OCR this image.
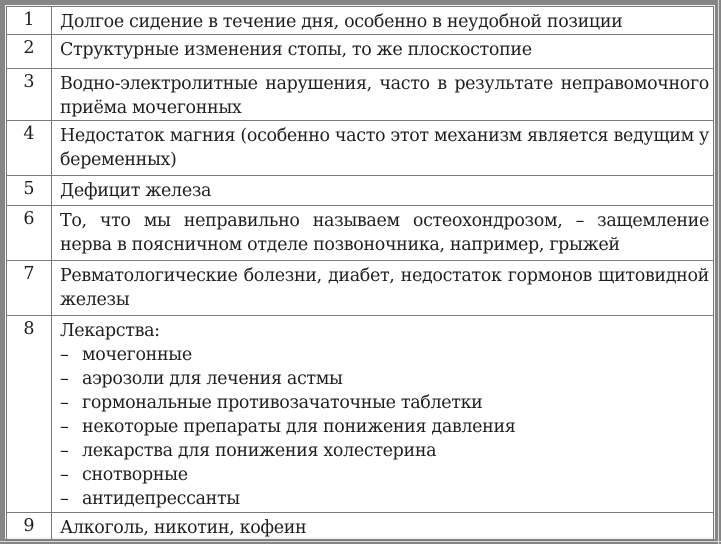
1	Долгое сидение в течение дня, особенно в неудобной позиции
2	Структурные изменения стопы, то же плоскостопие
3	Водно-электролитные нарушения, часто в результате неправомочного приёма мочегонных
4	Недостаток магния (особенно часто этот механизм является ведущим у беременных)
5	Дефицит железа
6	То, что мы неправильно называем остеохондрозом, – защемление нерва в поясничном отделе позвоночника, например, грыжей
7	Ревматологические болезни, диабет, недостаток гормонов щитовидной железы
8	Лекарства:
– мочегонные
– аэрозоли для лечения астмы
– гормональные противозачаточные таблетки
– некоторые препараты для понижения давления
– лекарства для понижения холестерина
– снотворные
– антидепрессанты

9	Алкоголь, никотин, кофеин
